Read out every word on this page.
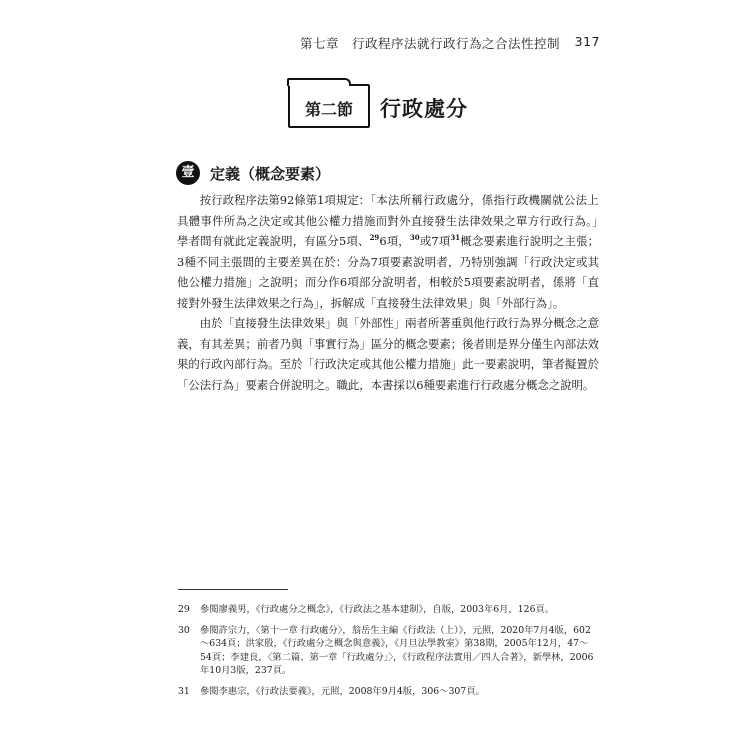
第七章　行政程序法就行政行為之合法性控制 317
第二節	行政處分
壹	定義（概念要素）

按行政程序法第92條第1項規定：「本法所稱行政處分，係指行政機關就公法上具體事件所為之決定或其他公權力措施而對外直接發生法律效果之單方行政行為。」學者間有就此定義說明，有區分5項、$^{29}$6項，$^{30}$或7項$^{31}$概念要素進行說明之主張；3種不同主張間的主要差異在於：分為7項要素說明者，乃特別強調「行政決定或其他公權力措施」之說明；而分作6項部分說明者，相較於5項要素說明者，係將「直接對外發生法律效果之行為」，拆解成「直接發生法律效果」與「外部行為」。

由於「直接發生法律效果」與「外部性」兩者所著重與他行政行為界分概念之意義，有其差異；前者乃與「事實行為」區分的概念要素；後者則是界分僅生內部法效果的行政內部行為。至於「行政決定或其他公權力措施」此一要素說明，筆者擬置於「公法行為」要素合併說明之。職此，本書採以6種要素進行行政處分概念之說明。

29 參閱廖義男，《行政處分之概念》，《行政法之基本建制》，自版，2003年6月，126頁。
30 參閱許宗力，〈第十一章 行政處分〉，翁岳生主編《行政法（上）》，元照，2020年7月4版，602～634頁；洪家殷，《行政處分之概念與意義》，《月旦法學教室》第38期，2005年12月，47～54頁；李建良，〈第二篇、第一章「行政處分」〉，《行政程序法實用／四人合著》，新學林，2006年10月3版，237頁。
31 參閱李惠宗，《行政法要義》，元照，2008年9月4版，306～307頁。
